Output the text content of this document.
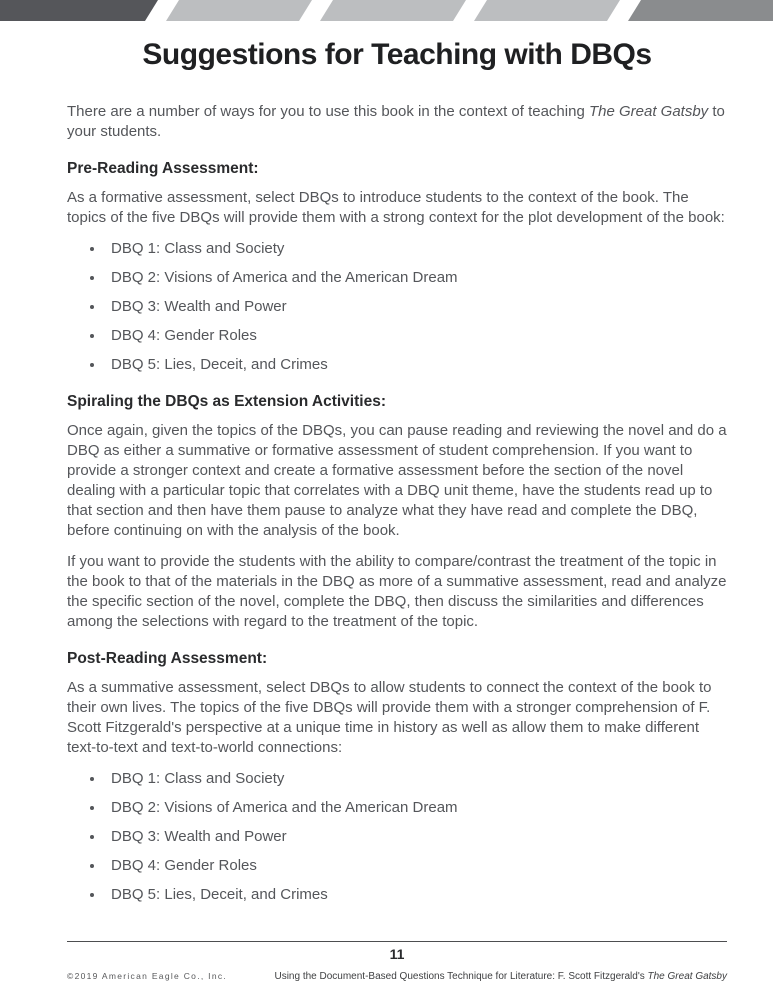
Suggestions for Teaching with DBQs

There are a number of ways for you to use this book in the context of teaching The Great Gatsby to your students.

Pre-Reading Assessment:

As a formative assessment, select DBQs to introduce students to the context of the book. The topics of the five DBQs will provide them with a strong context for the plot development of the book:

• DBQ 1: Class and Society
• DBQ 2: Visions of America and the American Dream
• DBQ 3: Wealth and Power
• DBQ 4: Gender Roles
• DBQ 5: Lies, Deceit, and Crimes
Spiraling the DBQs as Extension Activities:

Once again, given the topics of the DBQs, you can pause reading and reviewing the novel and do a DBQ as either a summative or formative assessment of student comprehension. If you want to provide a stronger context and create a formative assessment before the section of the novel dealing with a particular topic that correlates with a DBQ unit theme, have the students read up to that section and then have them pause to analyze what they have read and complete the DBQ, before continuing on with the analysis of the book.

If you want to provide the students with the ability to compare/contrast the treatment of the topic in the book to that of the materials in the DBQ as more of a summative assessment, read and analyze the specific section of the novel, complete the DBQ, then discuss the similarities and differences among the selections with regard to the treatment of the topic.

Post-Reading Assessment:

As a summative assessment, select DBQs to allow students to connect the context of the book to their own lives. The topics of the five DBQs will provide them with a stronger comprehension of F. Scott Fitzgerald's perspective at a unique time in history as well as allow them to make different text-to-text and text-to-world connections:

• DBQ 1: Class and Society
• DBQ 2: Visions of America and the American Dream
• DBQ 3: Wealth and Power
• DBQ 4: Gender Roles
• DBQ 5: Lies, Deceit, and Crimes
11
©2019 American Eagle Co., Inc.	Using the Document-Based Questions Technique for Literature: F. Scott Fitzgerald's The Great Gatsby
